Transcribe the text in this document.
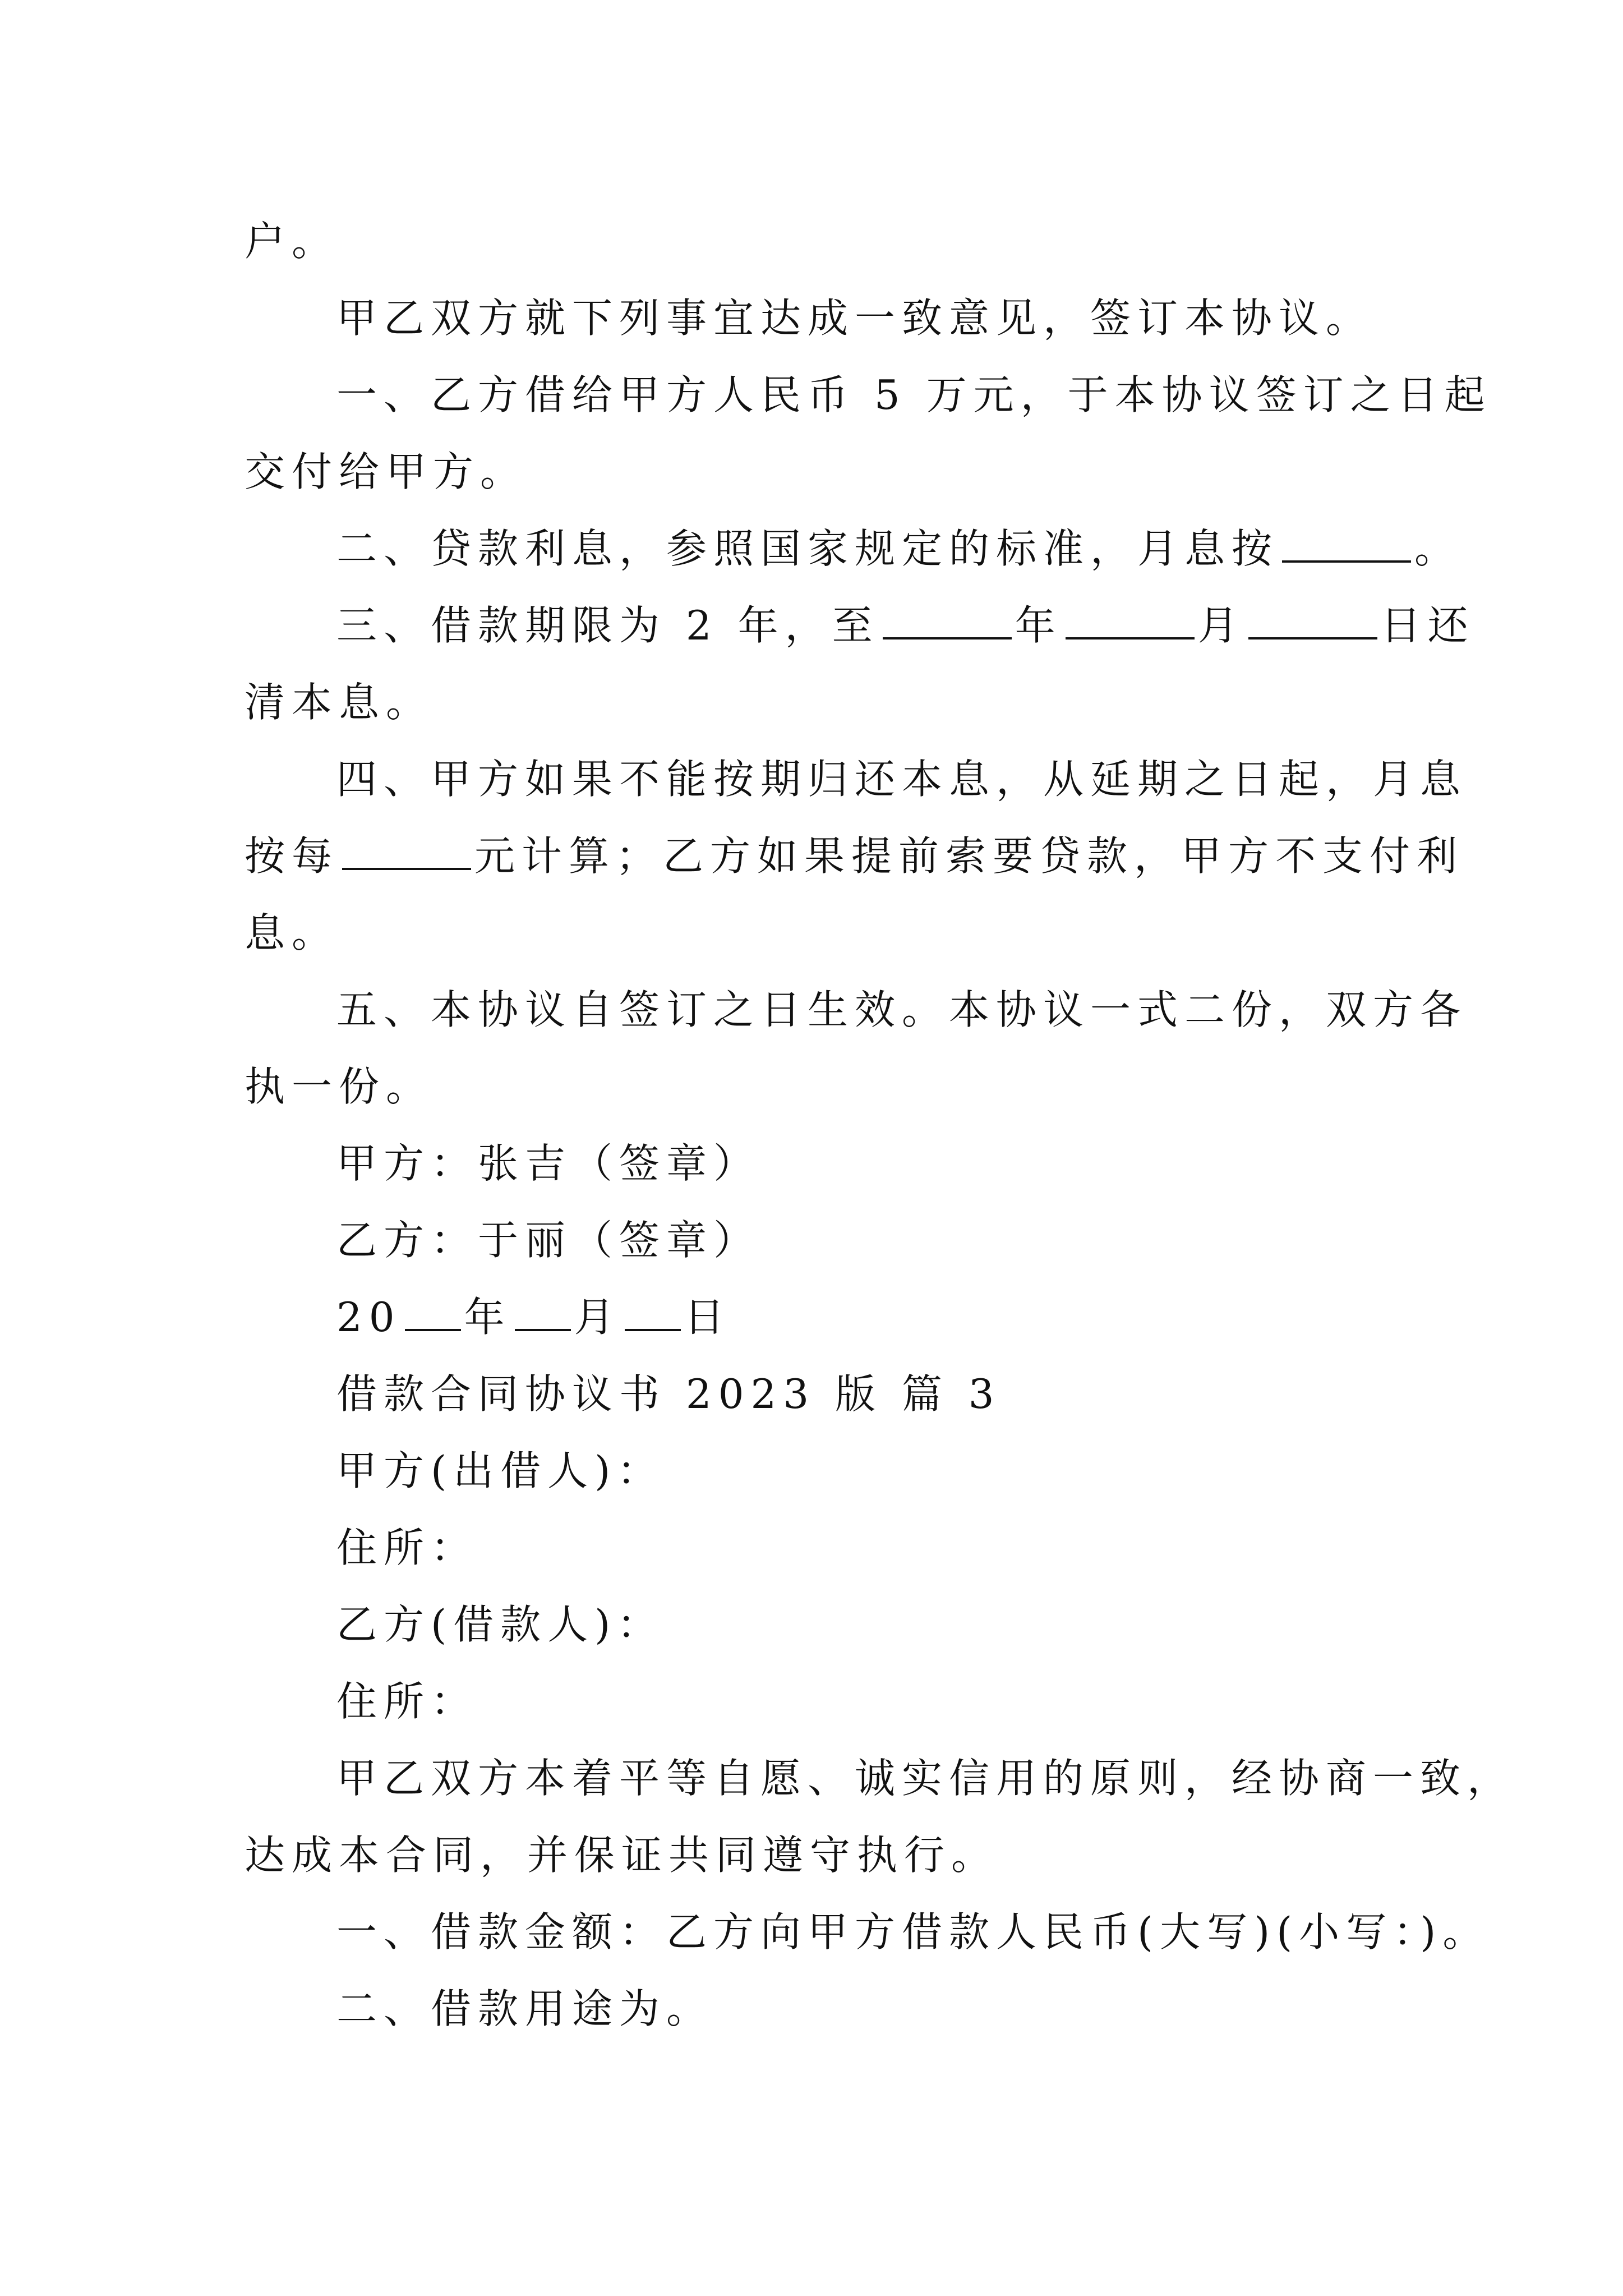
户。
甲乙双方就下列事宜达成一致意见，签订本协议。
一、乙方借给甲方人民币 5 万元，于本协议签订之日起
交付给甲方。
二、贷款利息，参照国家规定的标准，月息按	。
三、借款期限为 2 年，至	年	月	日还
清本息。
四、甲方如果不能按期归还本息，从延期之日起，月息
按每	元计算；乙方如果提前索要贷款，甲方不支付利
息。
五、本协议自签订之日生效。本协议一式二份，双方各
执一份。
甲方：张吉（签章）
乙方：于丽（签章）
20 年 月 日
借款合同协议书 2023 版 篇 3
甲方(出借人)：
住所：
乙方(借款人)：
住所：
甲乙双方本着平等自愿、诚实信用的原则，经协商一致，
达成本合同，并保证共同遵守执行。
一、借款金额：乙方向甲方借款人民币(大写)(小写：)。
二、借款用途为。
